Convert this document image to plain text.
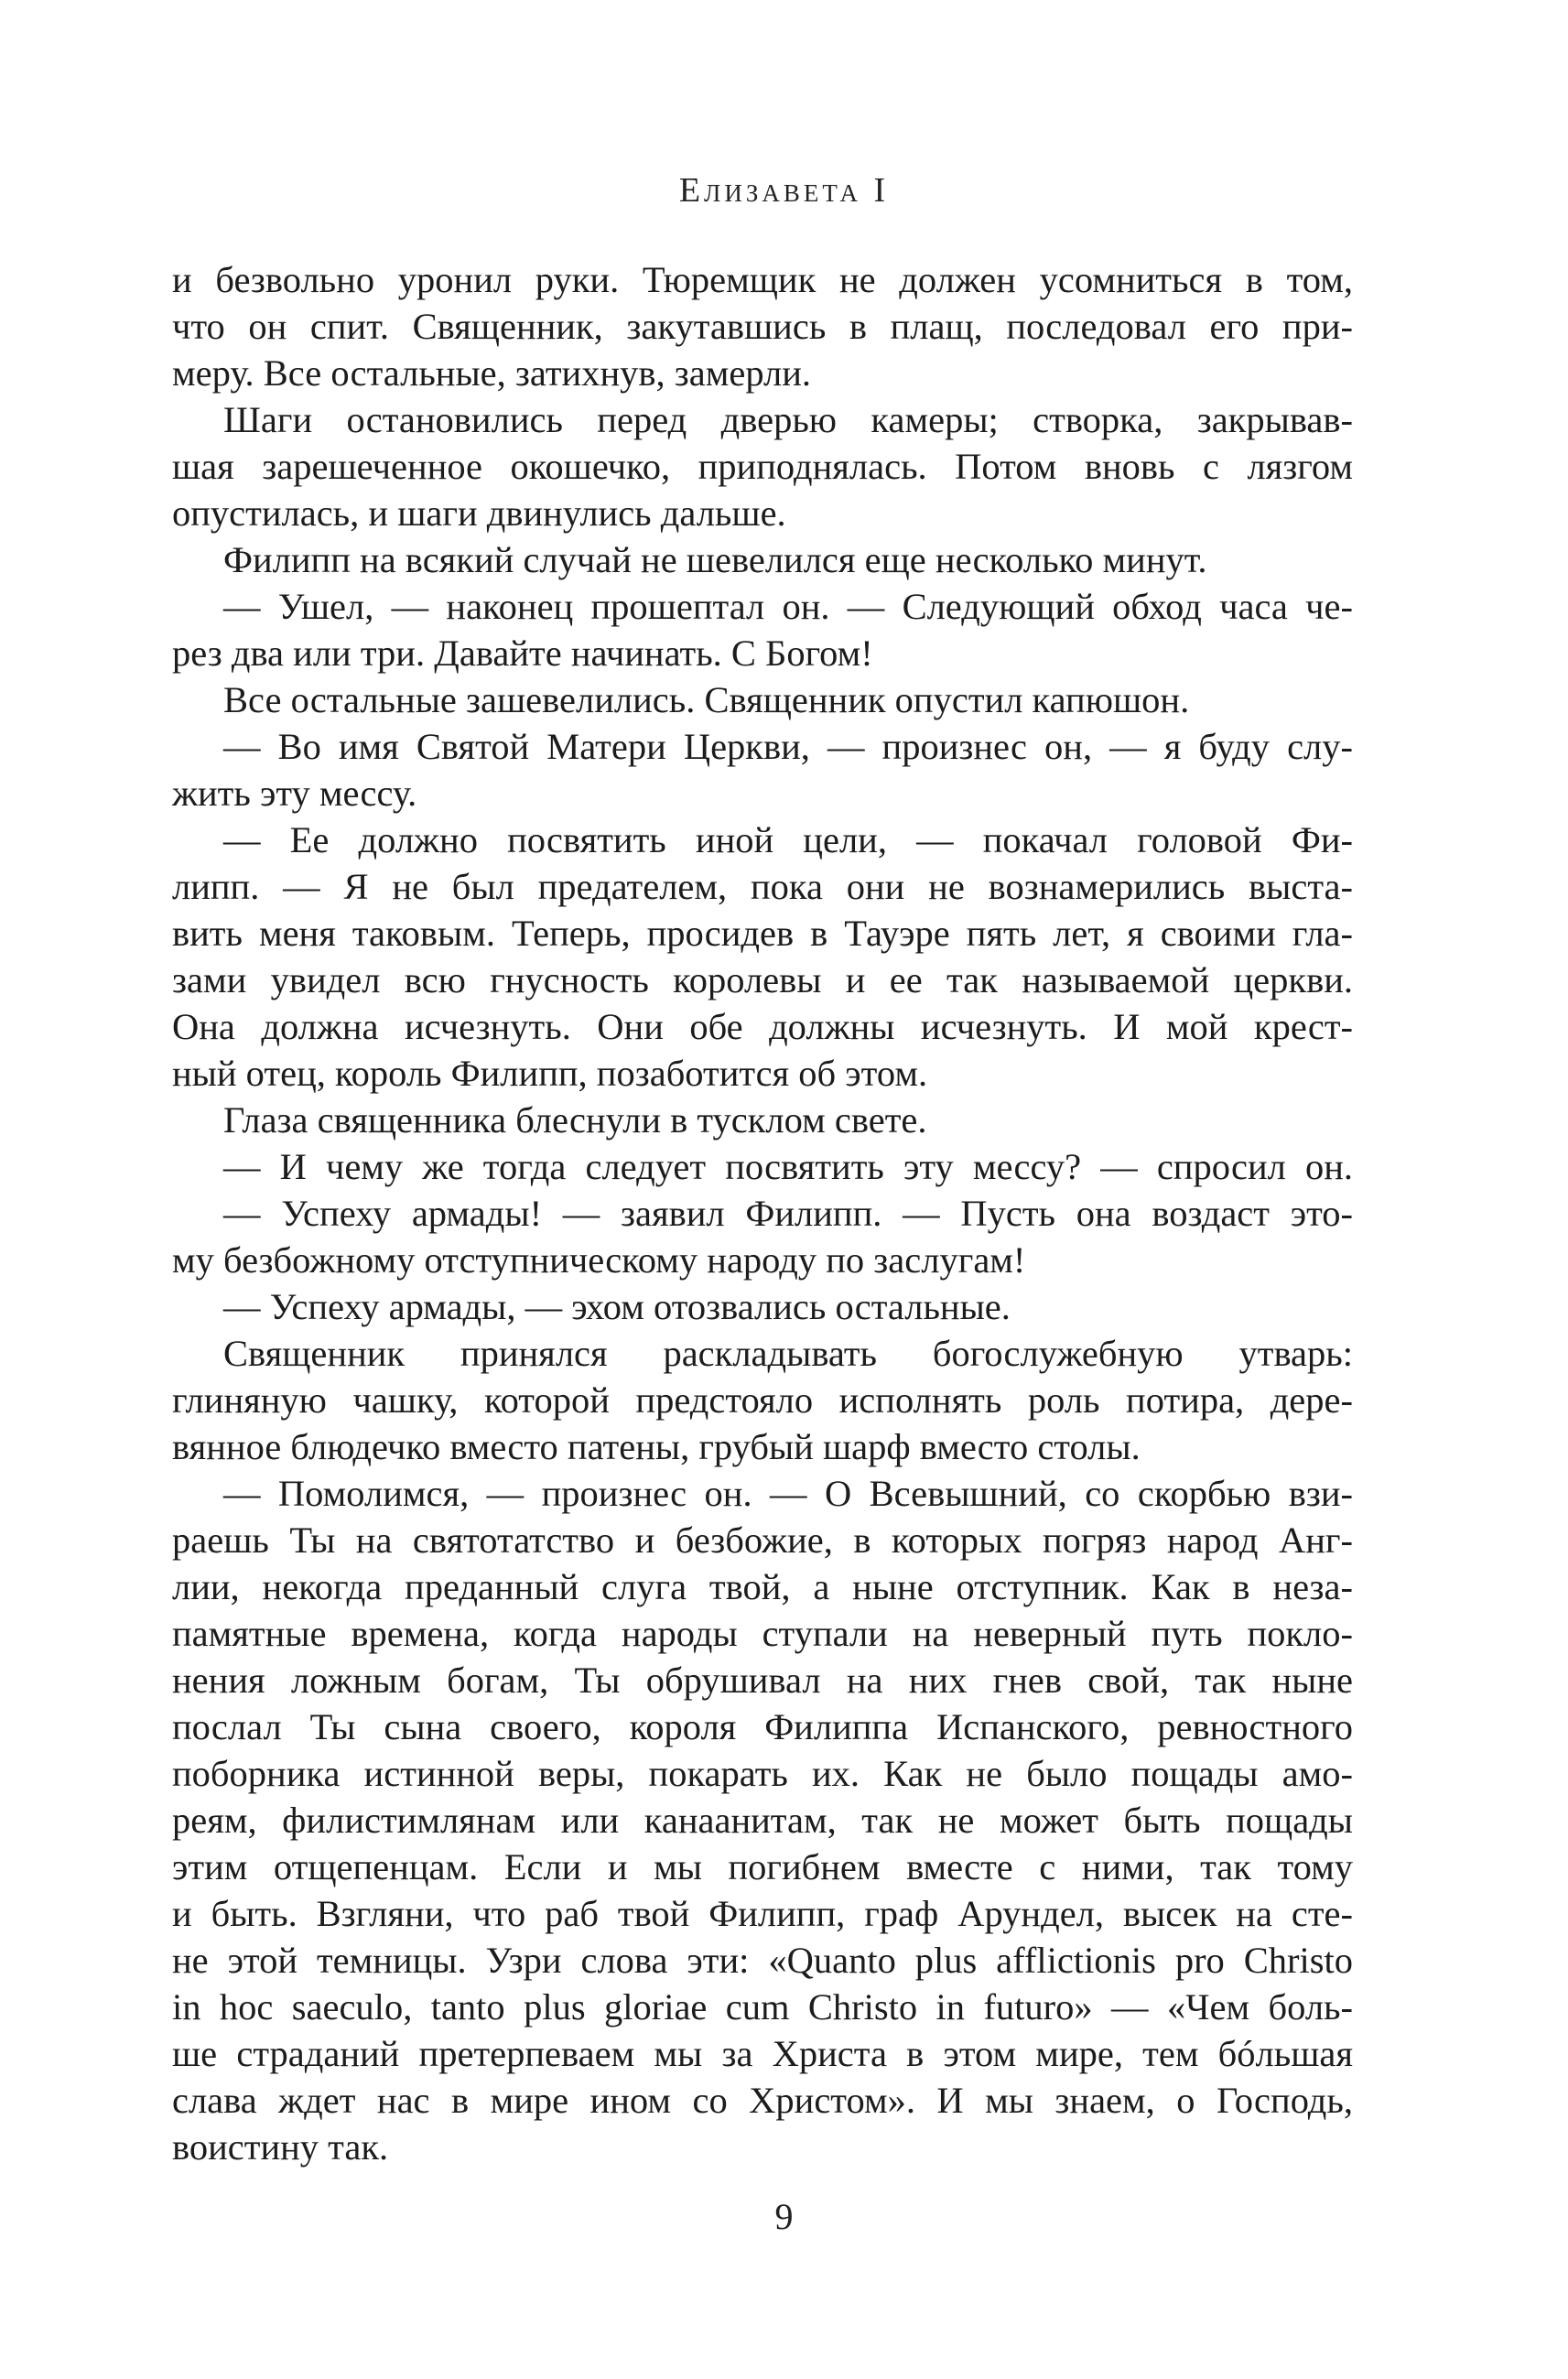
Елизавета I
и безвольно уронил руки. Тюремщик не должен усомниться в том,
что он спит. Священник, закутавшись в плащ, последовал его при-
меру. Все остальные, затихнув, замерли.
Шаги остановились перед дверью камеры; створка, закрывав-
шая зарешеченное окошечко, приподнялась. Потом вновь с лязгом
опустилась, и шаги двинулись дальше.
Филипп на всякий случай не шевелился еще несколько минут.
— Ушел, — наконец прошептал он. — Следующий обход часа че-
рез два или три. Давайте начинать. С Богом!
Все остальные зашевелились. Священник опустил капюшон.
— Во имя Святой Матери Церкви, — произнес он, — я буду слу-
жить эту мессу.
— Ее должно посвятить иной цели, — покачал головой Фи-
липп. — Я не был предателем, пока они не вознамерились выста-
вить меня таковым. Теперь, просидев в Тауэре пять лет, я своими гла-
зами увидел всю гнусность королевы и ее так называемой церкви.
Она должна исчезнуть. Они обе должны исчезнуть. И мой крест-
ный отец, король Филипп, позаботится об этом.
Глаза священника блеснули в тусклом свете.
— И чему же тогда следует посвятить эту мессу? — спросил он.
— Успеху армады! — заявил Филипп. — Пусть она воздаст это-
му безбожному отступническому народу по заслугам!
— Успеху армады, — эхом отозвались остальные.
Священник принялся раскладывать богослужебную утварь:
глиняную чашку, которой предстояло исполнять роль потира, дере-
вянное блюдечко вместо патены, грубый шарф вместо столы.
— Помолимся, — произнес он. — О Всевышний, со скорбью взи-
раешь Ты на святотатство и безбожие, в которых погряз народ Анг-
лии, некогда преданный слуга твой, а ныне отступник. Как в неза-
памятные времена, когда народы ступали на неверный путь покло-
нения ложным богам, Ты обрушивал на них гнев свой, так ныне
послал Ты сына своего, короля Филиппа Испанского, ревностного
поборника истинной веры, покарать их. Как не было пощады амо-
реям, филистимлянам или канаанитам, так не может быть пощады
этим отщепенцам. Если и мы погибнем вместе с ними, так тому
и быть. Взгляни, что раб твой Филипп, граф Арундел, высек на сте-
не этой темницы. Узри слова эти: «Quanto plus afflictionis pro Christo
in hoc saeculo, tanto plus gloriae cum Christo in futuro» — «Чем боль-
ше страданий претерпеваем мы за Христа в этом мире, тем бóльшая
слава ждет нас в мире ином со Христом». И мы знаем, о Господь,
воистину так.
9
